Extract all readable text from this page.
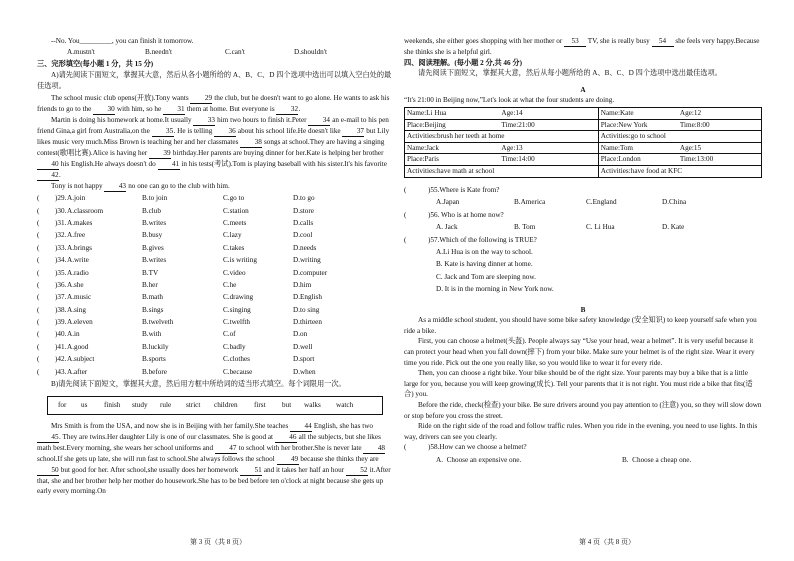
--No. You_________, you can finish it tomorrow.
A.mustn't	B.needn't	C.can't	D.shouldn't

三、完形填空(每小题 1 分，共 15 分)

A)请先阅读下面短文，掌握其大意，然后从各小题所给的 A、B、C、D 四个选项中选出可以填入空白处的最佳选项。

The school music club opens(开放).Tony wants 29 the club, but he doesn't want to go alone. He wants to ask his friends to go to the 30 with him, so he 31 them at home. But everyone is 32.

Martin is doing his homework at home.It usually 33 him two hours to finish it.Peter 34 an e-mail to his pen friend Gina,a girl from Australia,on the 35. He is telling 36 about his school life.He doesn't like 37 but Lily likes music very much.Miss Brown is teaching her and her classmates 38 songs at school.They are having a singing contest(歌唱比赛).Alice is having her 39 birthday.Her parents are buying dinner for her.Kate is helping her brother 40 his English.He always doesn't do 41 in his tests(考试).Tom is playing baseball with his sister.It's his favorite 42.

Tony is not happy 43 no one can go to the club with him.

( )29. A.join	B.to join	C.go to	D.to go
( )30. A.classroom	B.club	C.station	D.store
( )31. A.makes	B.writes	C.meets	D.calls
( )32. A.free	B.busy	C.lazy	D.cool
( )33. A.brings	B.gives	C.takes	D.needs
( )34. A.write	B.writes	C.is writing	D.writing
( )35. A.radio	B.TV	C.video	D.computer
( )36. A.she	B.her	C.he	D.him
( )37. A.music	B.math	C.drawing	D.English
( )38. A.sing	B.sings	C.singing	D.to sing
( )39. A.eleven	B.twelveth	C.twelfth	D.thirteen
( )40. A.in	B.with	C.of	D.on
( )41. A.good	B.luckily	C.badly	D.well
( )42. A.subject	B.sports	C.clothes	D.sport
( )43. A.after	B.before	C.because	D.when

B)请先阅读下面短文，掌握其大意，然后用方框中所给词的适当形式填空。每个词限用一次。

for us finish study rule strict children first but walks watch

Mrs Smith is from the USA, and now she is in Beijing with her family.She teaches 44 English, she has two 45. They are twins.Her daughter Lily is one of our classmates. She is good at 46 all the subjects, but she likes math best.Every morning, she wears her school uniforms and 47 to school with her brother.She is never late 48 school.If she gets up late, she will run fast to school.She always follows the school 49 because she thinks they are 50 but good for her. After school,she usually does her homework 51 and it takes her half an hour 52 it.After that, she and her brother help her mother do housework.She has to be bed before ten o'clock at night because she gets up early every morning.On

第 3 页（共 8 页）

weekends, she either goes shopping with her mother or 53 TV, she is really busy 54 she feels very happy.Because she thinks she is a helpful girl.

四、阅读理解。(每小题 2 分,共 46 分)

请先阅读下面短文，掌握其大意，然后从每小题所给的 A、B、C、D 四个选项中选出最佳选项。

A

“It's 21:00 in Beijing now,”Let's look at what the four students are doing.

Name:Li Hua Age:14	Name:Kate Age:12

Place:Beijing Time:21:00	Place:New York Time:8:00

Activities:brush her teeth at home	Activities:go to school
Name:Jack Age:13	Name:Tom Age:15

Place:Paris Time:14:00	Place:London Time:13:00

Activities:have math at school	Activities:have food at KFC
(	)55.Where is Kate from?
A.Japan	B.America	C.England	D.China
(	)56. Who is at home now?
A. Jack	B. Tom	C. Li Hua	D. Kate
(	)57.Which of the following is TRUE?
A.Li Hua is on the way to school.
B. Kate is having dinner at home.
C. Jack and Tom are sleeping now.
D. It is in the morning in New York now.

B

As a middle school student, you should have some bike safety knowledge (安全知识) to keep yourself safe when you ride a bike.

First, you can choose a helmet(头盔). People always say “Use your head, wear a helmet”. It is very useful because it can protect your head when you fall down(摔下) from your bike. Make sure your helmet is of the right size. Wear it every time you ride. Pick out the one you really like, so you would like to wear it for every ride.

Then, you can choose a right bike. Your bike should be of the right size. Your parents may buy a bike that is a little large for you, because you will keep growing(成长). Tell your parents that it is not right. You must ride a bike that fits(适合) you.

Before the ride, check(检查) your bike. Be sure drivers around you pay attention to (注意) you, so they will slow down or stop before you cross the street.

Ride on the right side of the road and follow traffic rules. When you ride in the evening, you need to use lights. In this way, drivers can see you clearly.

(	)58.How can we choose a helmet?
A.  Choose an expensive one.	B.  Choose a cheap one.
第 4 页（共 8 页）
